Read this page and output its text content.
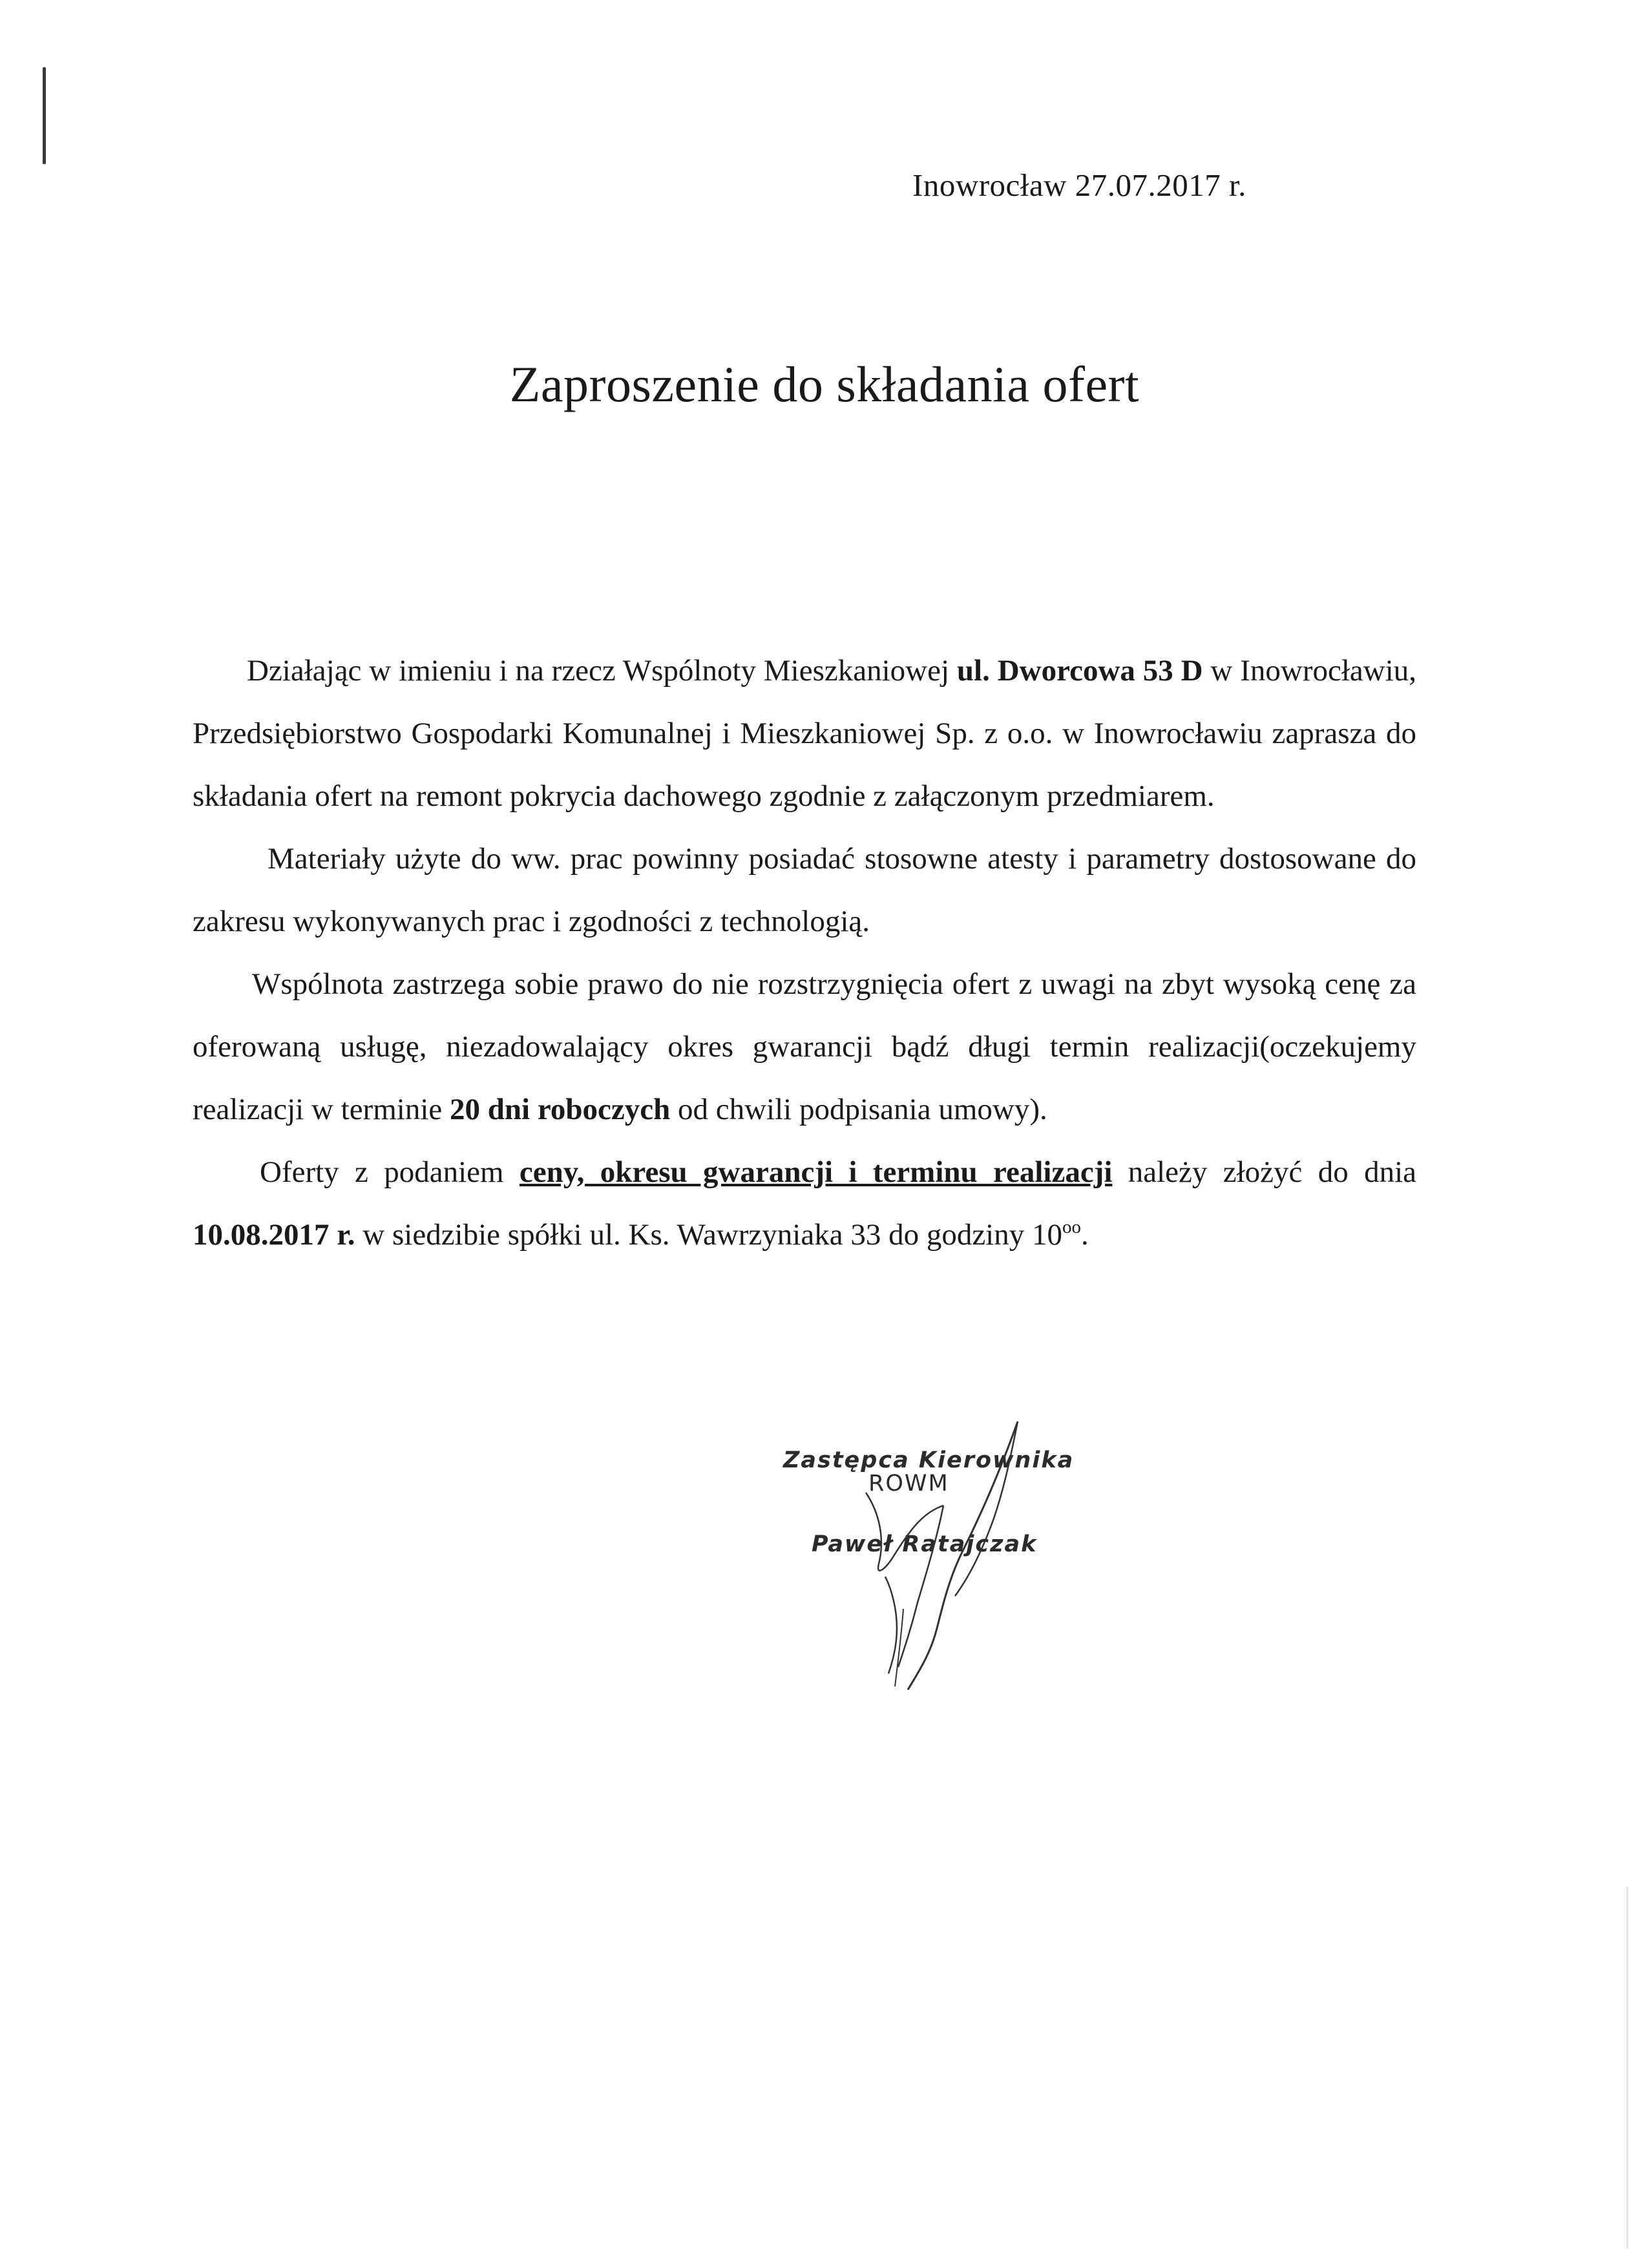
Inowrocław 27.07.2017 r.
Zaproszenie do składania ofert

Działając w imieniu i na rzecz Wspólnoty Mieszkaniowej ul. Dworcowa 53 D w Inowrocławiu, Przedsiębiorstwo Gospodarki Komunalnej i Mieszkaniowej Sp. z o.o. w Inowrocławiu zaprasza do składania ofert na remont pokrycia dachowego zgodnie z załączonym przedmiarem.

Materiały użyte do ww. prac powinny posiadać stosowne atesty i parametry dostosowane do zakresu wykonywanych prac i zgodności z technologią.

Wspólnota zastrzega sobie prawo do nie rozstrzygnięcia ofert z uwagi na zbyt wysoką cenę za oferowaną usługę, niezadowalający okres gwarancji bądź długi termin realizacji(oczekujemy realizacji w terminie 20 dni roboczych od chwili podpisania umowy).

Oferty z podaniem ceny, okresu gwarancji i terminu realizacji należy złożyć do dnia 10.08.2017 r. w siedzibie spółki ul. Ks. Wawrzyniaka 33 do godziny $10^{oo}$.

Zastępca Kierownika
ROWM
Paweł Ratajczak
